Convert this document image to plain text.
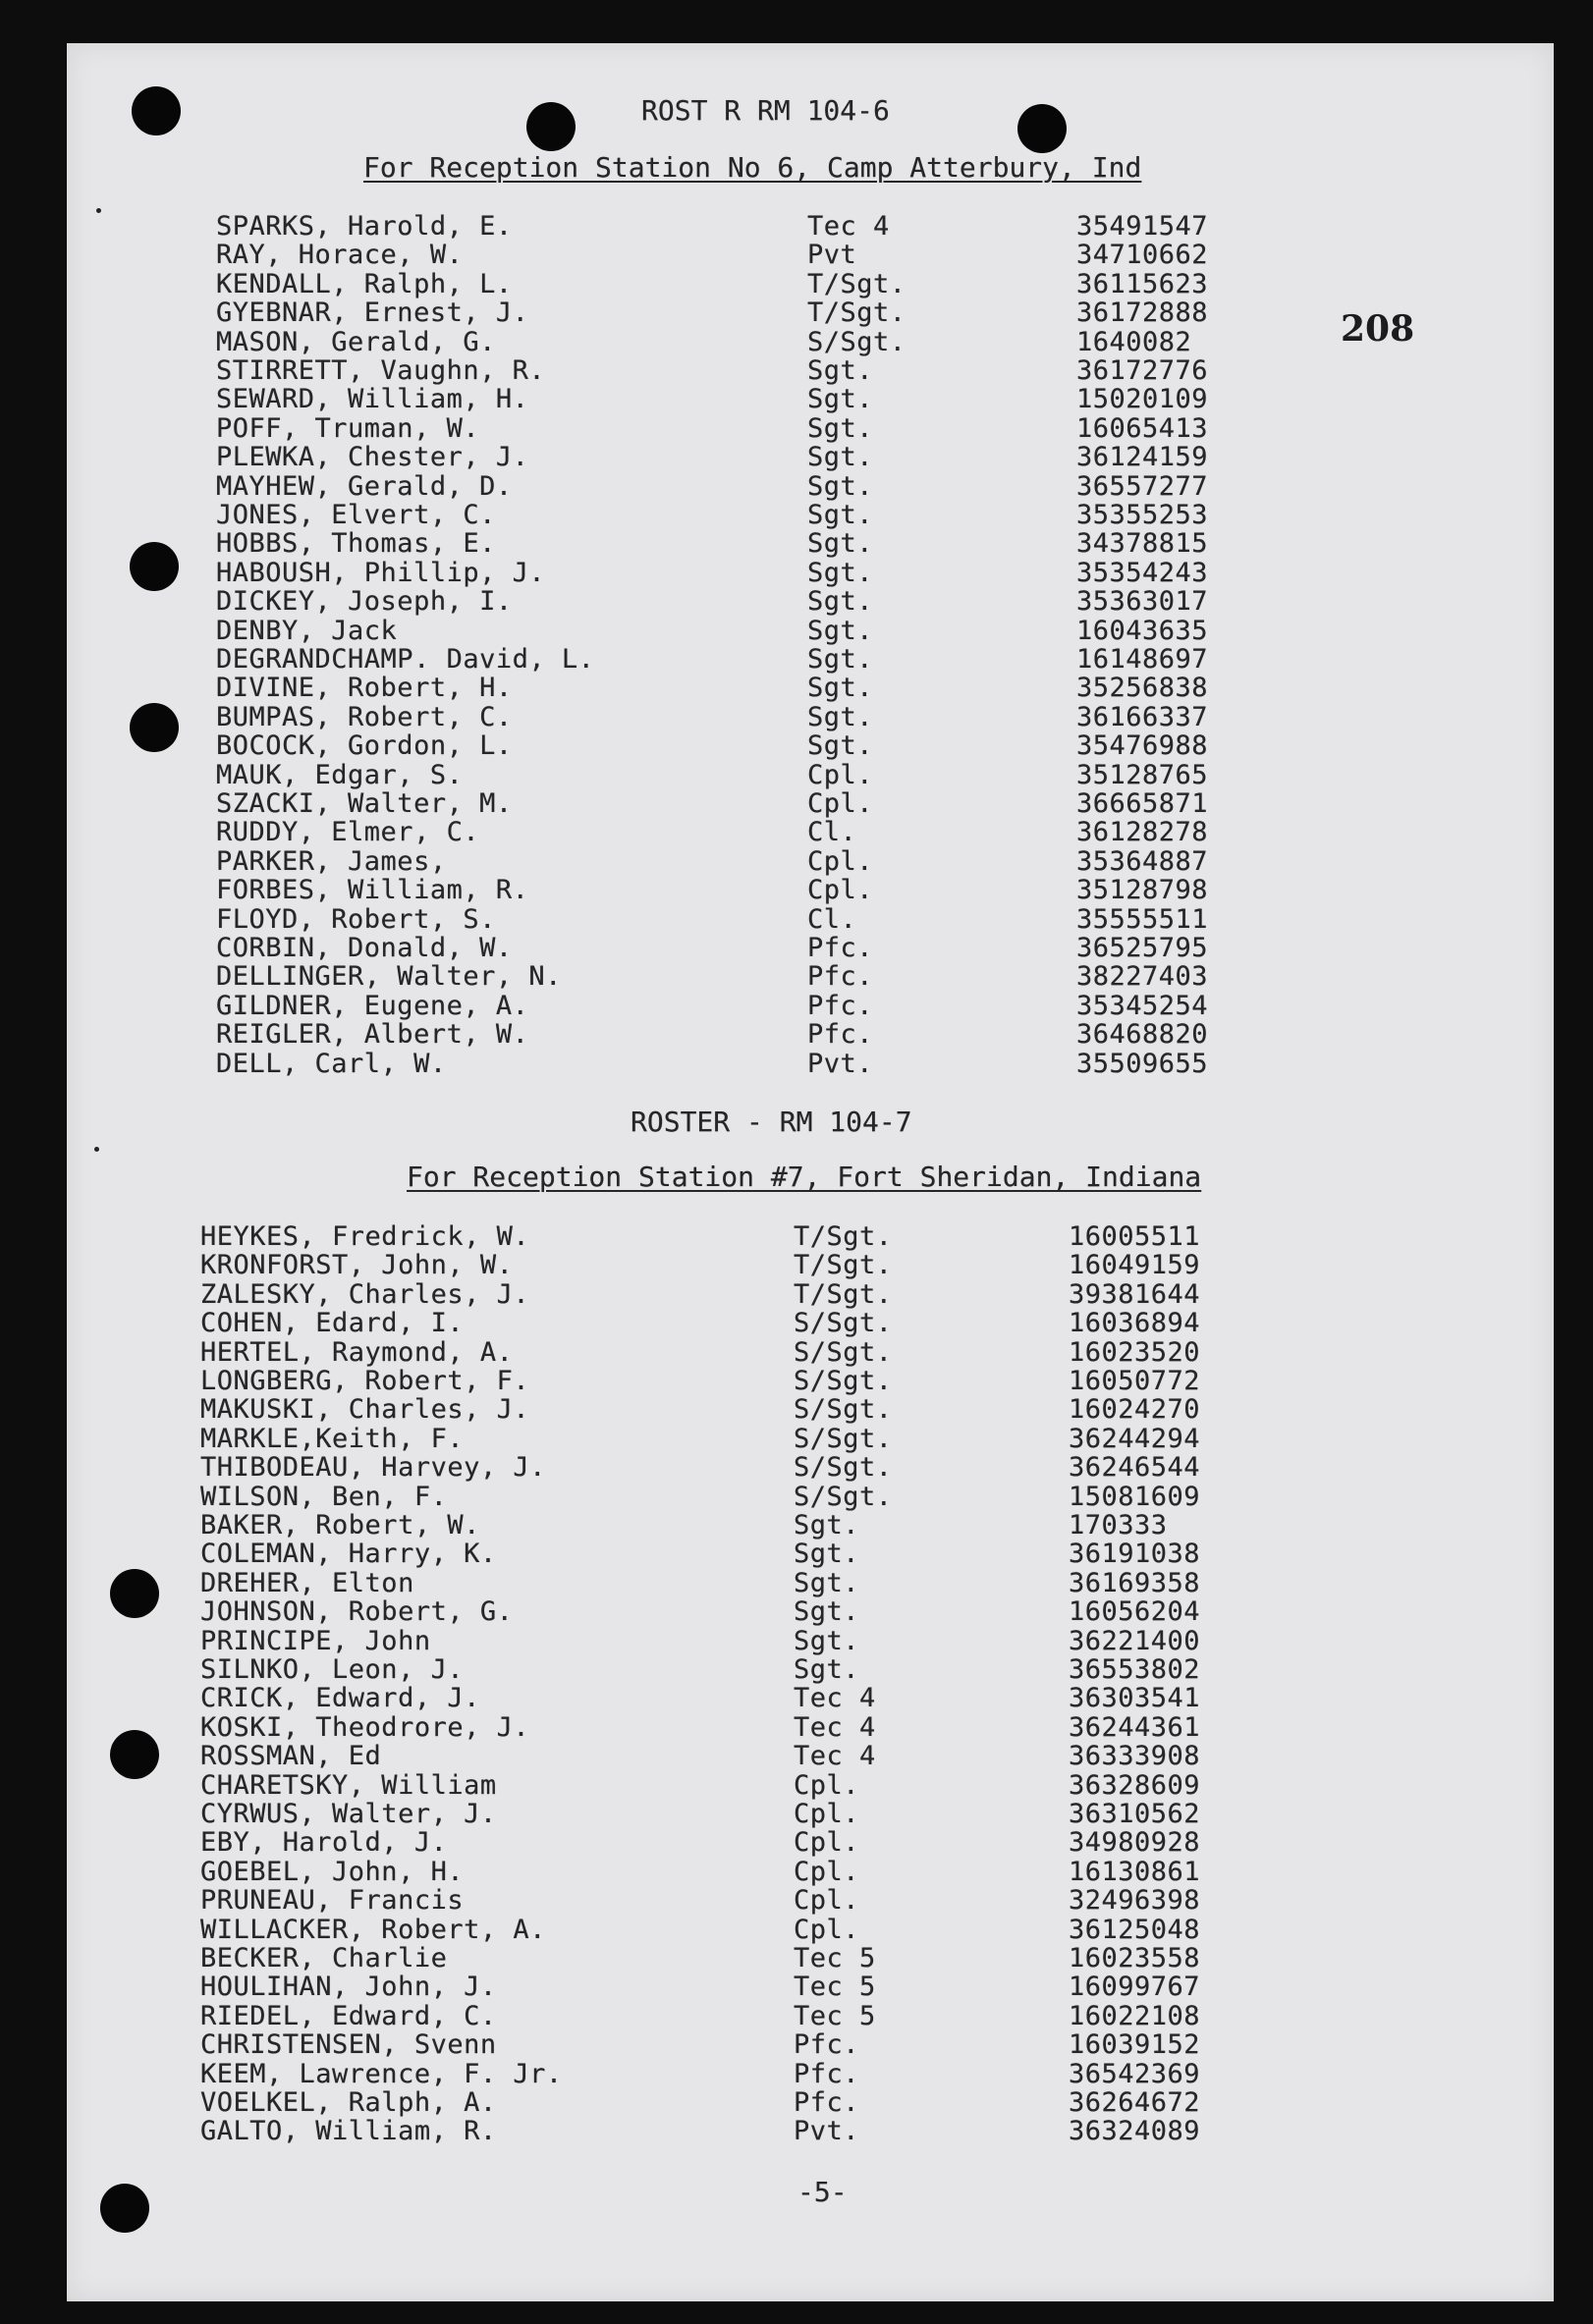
ROST R RM 104-6
For Reception Station No 6, Camp Atterbury, Ind
208
SPARKS, Harold, E.	Tec 4	35491547
RAY, Horace, W.	Pvt	34710662
KENDALL, Ralph, L.	T/Sgt.	36115623
GYEBNAR, Ernest, J.	T/Sgt.	36172888
MASON, Gerald, G.	S/Sgt.	1640082
STIRRETT, Vaughn, R.	Sgt.	36172776
SEWARD, William, H.	Sgt.	15020109
POFF, Truman, W.	Sgt.	16065413
PLEWKA, Chester, J.	Sgt.	36124159
MAYHEW, Gerald, D.	Sgt.	36557277
JONES, Elvert, C.	Sgt.	35355253
HOBBS, Thomas, E.	Sgt.	34378815
HABOUSH, Phillip, J.	Sgt.	35354243
DICKEY, Joseph, I.	Sgt.	35363017
DENBY, Jack	Sgt.	16043635
DEGRANDCHAMP. David, L.	Sgt.	16148697
DIVINE, Robert, H.	Sgt.	35256838
BUMPAS, Robert, C.	Sgt.	36166337
BOCOCK, Gordon, L.	Sgt.	35476988
MAUK, Edgar, S.	Cpl.	35128765
SZACKI, Walter, M.	Cpl.	36665871
RUDDY, Elmer, C.	Cl.	36128278
PARKER, James,	Cpl.	35364887
FORBES, William, R.	Cpl.	35128798
FLOYD, Robert, S.	Cl.	35555511
CORBIN, Donald, W.	Pfc.	36525795
DELLINGER, Walter, N.	Pfc.	38227403
GILDNER, Eugene, A.	Pfc.	35345254
REIGLER, Albert, W.	Pfc.	36468820
DELL, Carl, W.	Pvt.	35509655
ROSTER - RM 104-7
For Reception Station #7, Fort Sheridan, Indiana
HEYKES, Fredrick, W.	T/Sgt.	16005511
KRONFORST, John, W.	T/Sgt.	16049159
ZALESKY, Charles, J.	T/Sgt.	39381644
COHEN, Edard, I.	S/Sgt.	16036894
HERTEL, Raymond, A.	S/Sgt.	16023520
LONGBERG, Robert, F.	S/Sgt.	16050772
MAKUSKI, Charles, J.	S/Sgt.	16024270
MARKLE,Keith, F.	S/Sgt.	36244294
THIBODEAU, Harvey, J.	S/Sgt.	36246544
WILSON, Ben, F.	S/Sgt.	15081609
BAKER, Robert, W.	Sgt.	170333
COLEMAN, Harry, K.	Sgt.	36191038
DREHER, Elton	Sgt.	36169358
JOHNSON, Robert, G.	Sgt.	16056204
PRINCIPE, John	Sgt.	36221400
SILNKO, Leon, J.	Sgt.	36553802
CRICK, Edward, J.	Tec 4	36303541
KOSKI, Theodrore, J.	Tec 4	36244361
ROSSMAN, Ed	Tec 4	36333908
CHARETSKY, William	Cpl.	36328609
CYRWUS, Walter, J.	Cpl.	36310562
EBY, Harold, J.	Cpl.	34980928
GOEBEL, John, H.	Cpl.	16130861
PRUNEAU, Francis	Cpl.	32496398
WILLACKER, Robert, A.	Cpl.	36125048
BECKER, Charlie	Tec 5	16023558
HOULIHAN, John, J.	Tec 5	16099767
RIEDEL, Edward, C.	Tec 5	16022108
CHRISTENSEN, Svenn	Pfc.	16039152
KEEM, Lawrence, F. Jr.	Pfc.	36542369
VOELKEL, Ralph, A.	Pfc.	36264672
GALTO, William, R.	Pvt.	36324089
-5-
